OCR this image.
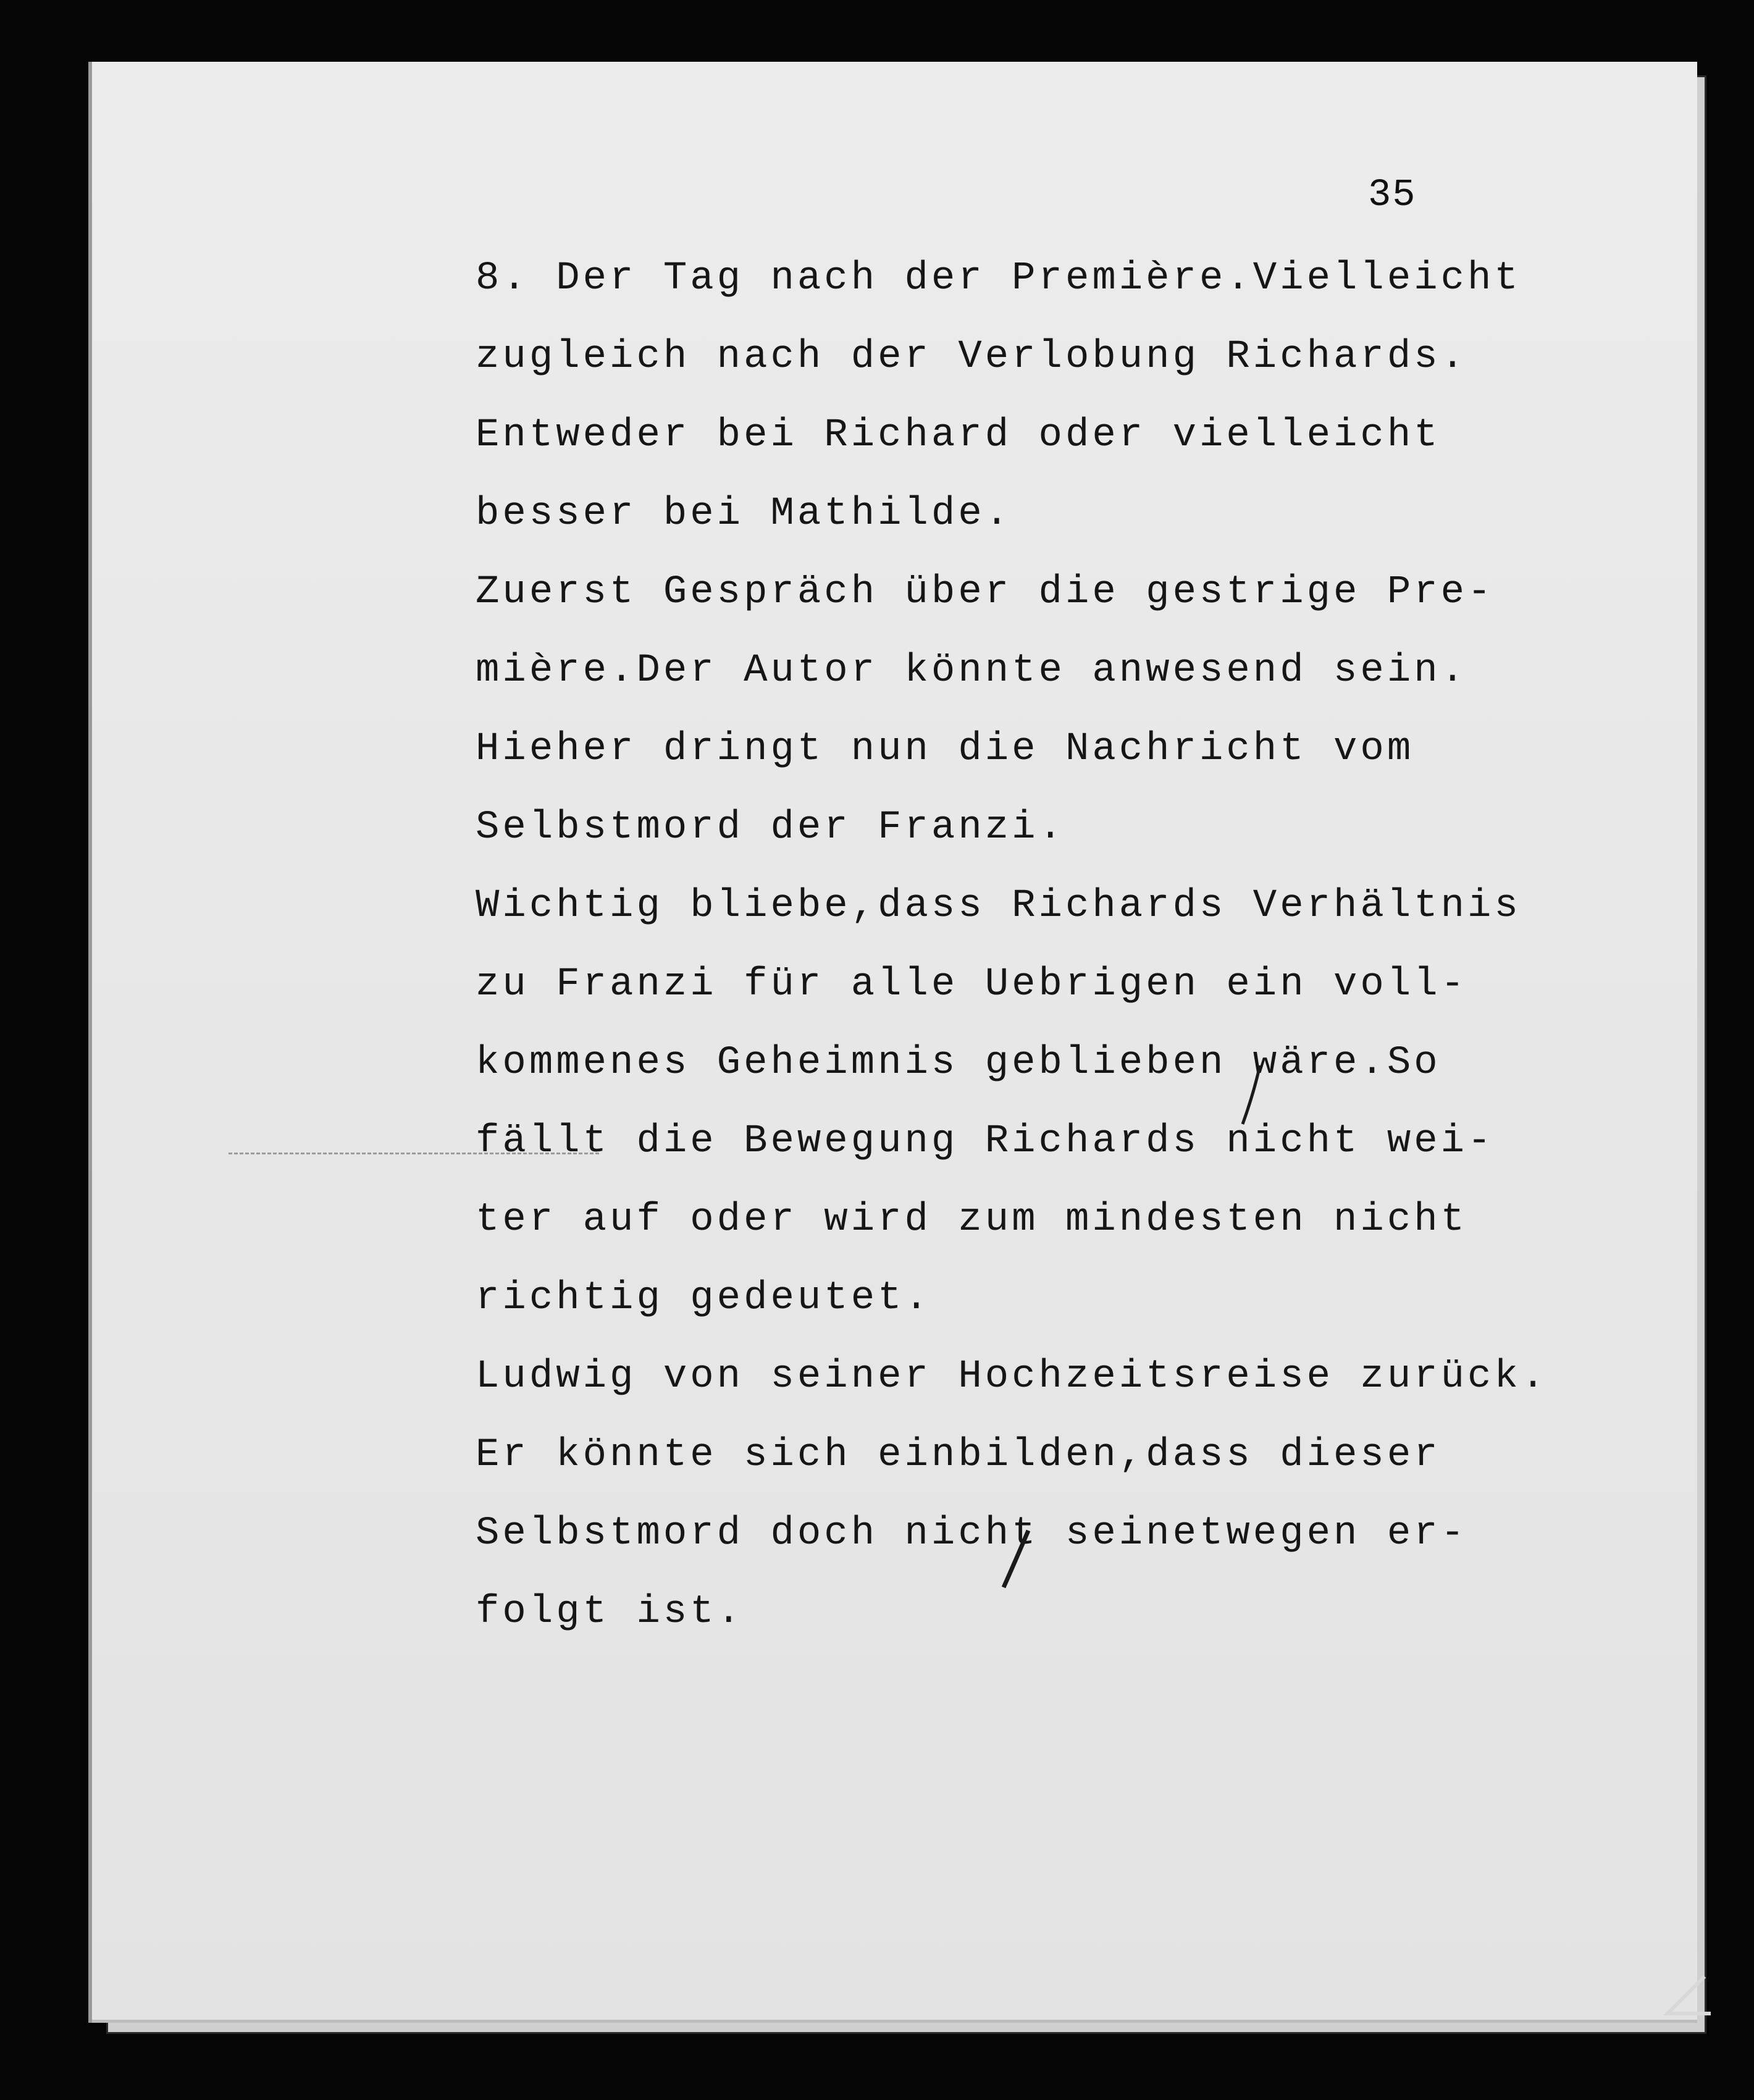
35
8. Der Tag nach der Première.Vielleicht
zugleich nach der Verlobung Richards.
Entweder bei Richard oder vielleicht
besser bei Mathilde.
Zuerst Gespräch über die gestrige Pre-
mière.Der Autor könnte anwesend sein.
Hieher dringt nun die Nachricht vom
Selbstmord der Franzi.
Wichtig bliebe,dass Richards Verhältnis
zu Franzi für alle Uebrigen ein voll-
kommenes Geheimnis geblieben wäre.So
fällt die Bewegung Richards nicht wei-
ter auf oder wird zum mindesten nicht
richtig gedeutet.
Ludwig von seiner Hochzeitsreise zurück.
Er könnte sich einbilden,dass dieser
Selbstmord doch nicht seinetwegen er-
folgt ist.
